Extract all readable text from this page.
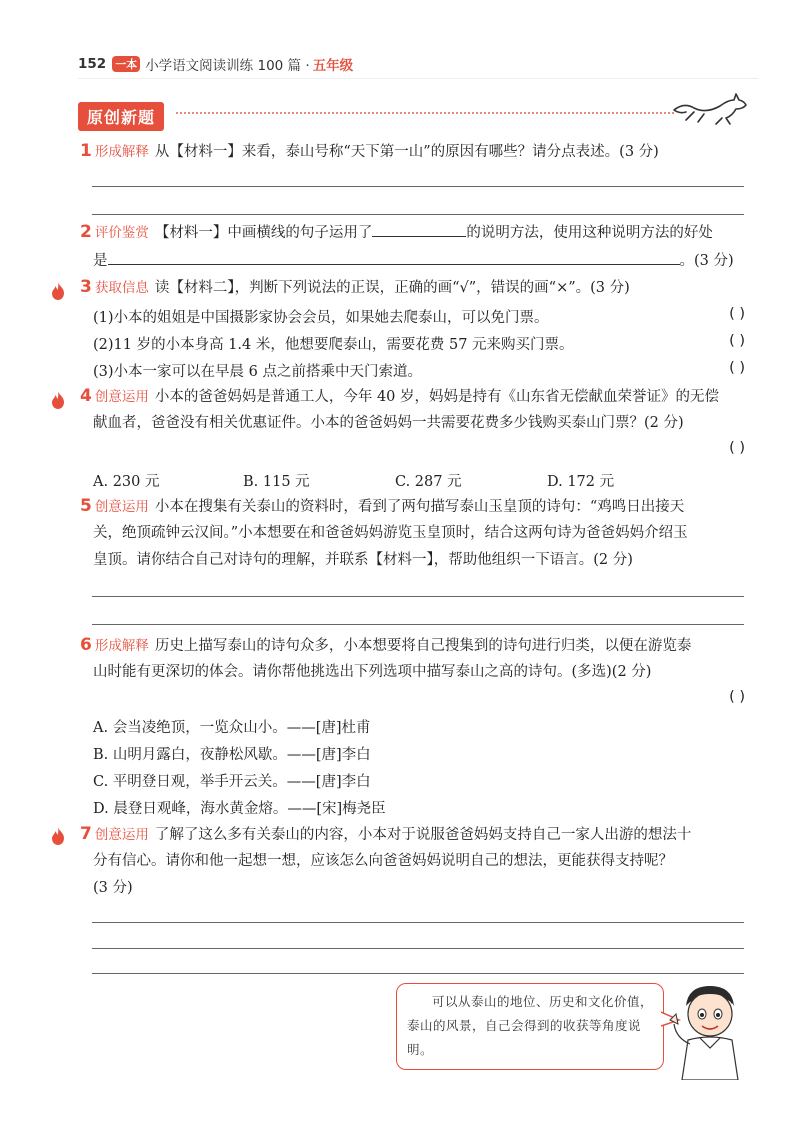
152 一本 小学语文阅读训练 100 篇 · 五年级
原创新题
1 形成解释 从【材料一】来看，泰山号称“天下第一山”的原因有哪些？请分点表述。(3 分)
2 评价鉴赏 【材料一】中画横线的句子运用了	的说明方法，使用这种说明方法的好处
是	。(3 分)
3 获取信息 读【材料二】，判断下列说法的正误，正确的画“√”，错误的画“×”。(3 分)
(1)小本的姐姐是中国摄影家协会会员，如果她去爬泰山，可以免门票。	( )
(2)11 岁的小本身高 1.4 米，他想要爬泰山，需要花费 57 元来购买门票。	( )
(3)小本一家可以在早晨 6 点之前搭乘中天门索道。	( )
4 创意运用 小本的爸爸妈妈是普通工人，今年 40 岁，妈妈是持有《山东省无偿献血荣誉证》的无偿
献血者，爸爸没有相关优惠证件。小本的爸爸妈妈一共需要花费多少钱购买泰山门票？(2 分)
( )
A. 230 元	B. 115 元	C. 287 元	D. 172 元
5 创意运用 小本在搜集有关泰山的资料时，看到了两句描写泰山玉皇顶的诗句：“鸡鸣日出接天
关，绝顶疏钟云汉间。”小本想要在和爸爸妈妈游览玉皇顶时，结合这两句诗为爸爸妈妈介绍玉
皇顶。请你结合自己对诗句的理解，并联系【材料一】，帮助他组织一下语言。(2 分)
6 形成解释 历史上描写泰山的诗句众多，小本想要将自己搜集到的诗句进行归类，以便在游览泰
山时能有更深切的体会。请你帮他挑选出下列选项中描写泰山之高的诗句。(多选)(2 分)
( )
A. 会当凌绝顶，一览众山小。——[唐]杜甫
B. 山明月露白，夜静松风歇。——[唐]李白
C. 平明登日观，举手开云关。——[唐]李白
D. 晨登日观峰，海水黄金熔。——[宋]梅尧臣
7 创意运用 了解了这么多有关泰山的内容，小本对于说服爸爸妈妈支持自己一家人出游的想法十
分有信心。请你和他一起想一想，应该怎么向爸爸妈妈说明自己的想法，更能获得支持呢？
(3 分)
可以从泰山的地位、历史和文化价值，泰山的风景，自己会得到的收获等角度说明。
